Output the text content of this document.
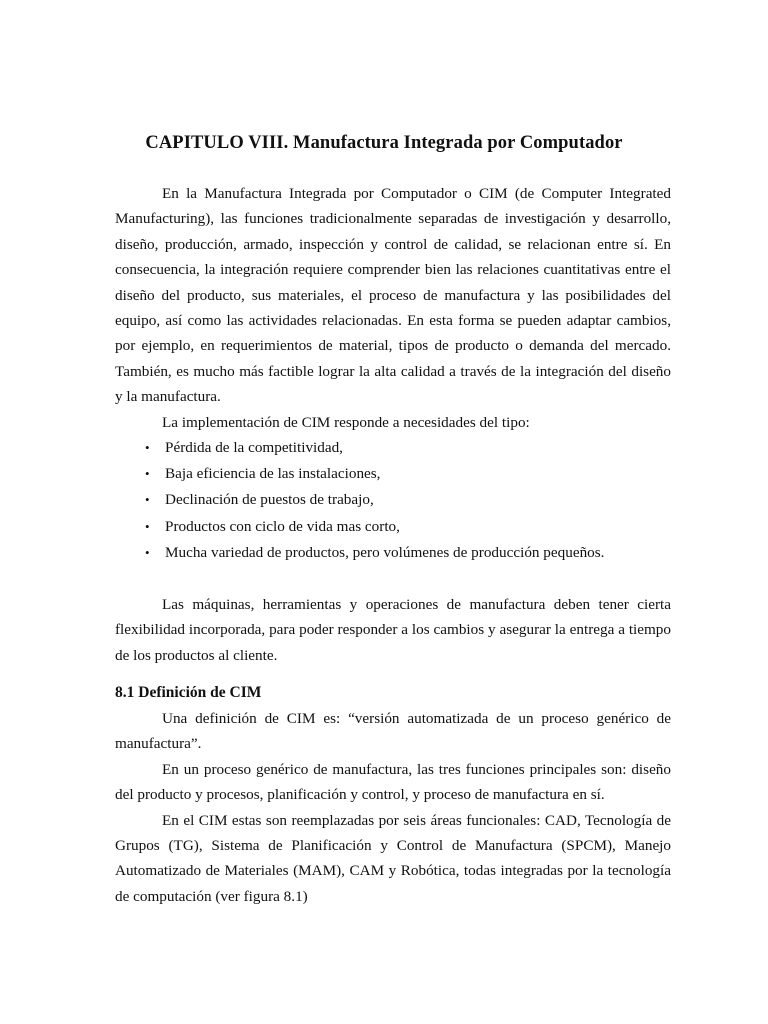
CAPITULO VIII. Manufactura Integrada por Computador

En la Manufactura Integrada por Computador o CIM (de Computer Integrated Manufacturing), las funciones tradicionalmente separadas de investigación y desarrollo, diseño, producción, armado, inspección y control de calidad, se relacionan entre sí. En consecuencia, la integración requiere comprender bien las relaciones cuantitativas entre el diseño del producto, sus materiales, el proceso de manufactura y las posibilidades del equipo, así como las actividades relacionadas. En esta forma se pueden adaptar cambios, por ejemplo, en requerimientos de material, tipos de producto o demanda del mercado. También, es mucho más factible lograr la alta calidad a través de la integración del diseño y la manufactura.

La implementación de CIM responde a necesidades del tipo:

• Pérdida de la competitividad,
• Baja eficiencia de las instalaciones,
• Declinación de puestos de trabajo,
• Productos con ciclo de vida mas corto,
• Mucha variedad de productos, pero volúmenes de producción pequeños.

Las máquinas, herramientas y operaciones de manufactura deben tener cierta flexibilidad incorporada, para poder responder a los cambios y asegurar la entrega a tiempo de los productos al cliente.

8.1 Definición de CIM

Una definición de CIM es: “versión automatizada de un proceso genérico de manufactura”.

En un proceso genérico de manufactura, las tres funciones principales son: diseño del producto y procesos, planificación y control, y proceso de manufactura en sí.

En el CIM estas son reemplazadas por seis áreas funcionales: CAD, Tecnología de Grupos (TG), Sistema de Planificación y Control de Manufactura (SPCM), Manejo Automatizado de Materiales (MAM), CAM y Robótica, todas integradas por la tecnología de computación (ver figura 8.1)
